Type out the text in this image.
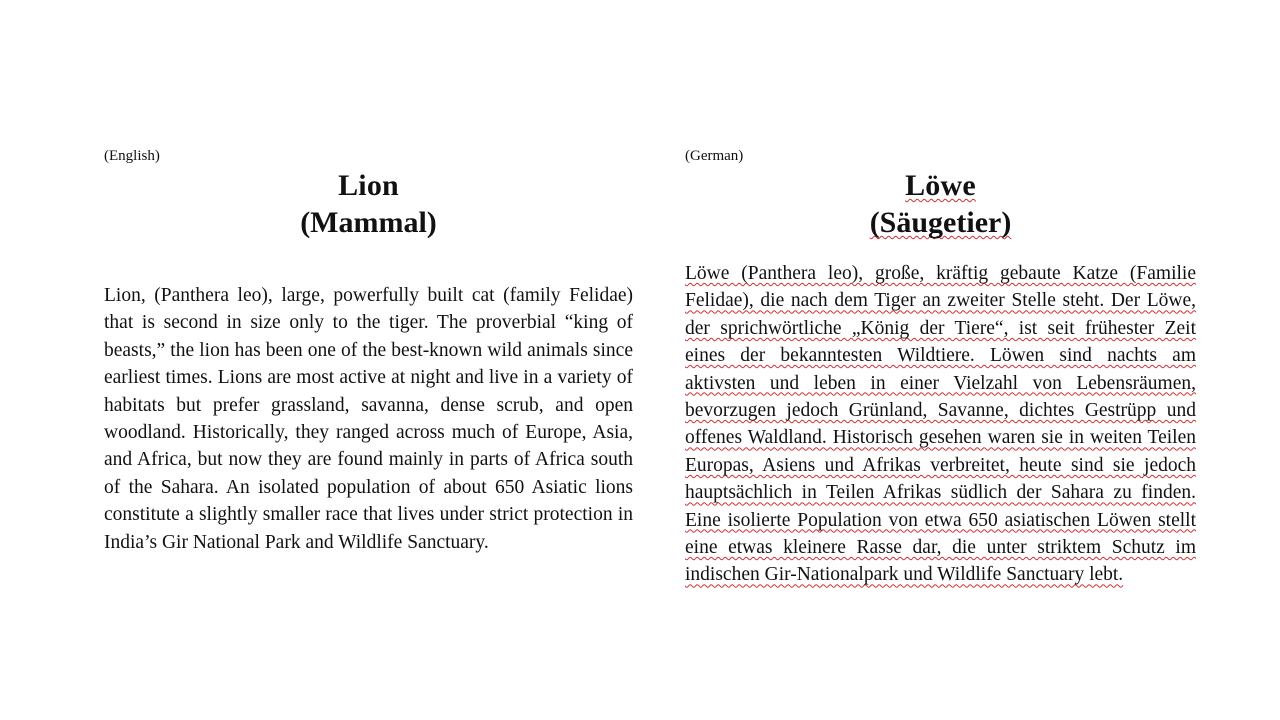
(English)

Lion
(Mammal)

Lion, (Panthera leo), large, powerfully built cat (family Felidae) that is second in size only to the tiger. The proverbial “king of beasts,” the lion has been one of the best-known wild animals since earliest times. Lions are most active at night and live in a variety of habitats but prefer grassland, savanna, dense scrub, and open woodland. Historically, they ranged across much of Europe, Asia, and Africa, but now they are found mainly in parts of Africa south of the Sahara. An isolated population of about 650 Asiatic lions constitute a slightly smaller race that lives under strict protection in India’s Gir National Park and Wildlife Sanctuary.

(German)

Löwe
(Säugetier)

Löwe (Panthera leo), große, kräftig gebaute Katze (Familie Felidae), die nach dem Tiger an zweiter Stelle steht. Der Löwe, der sprichwörtliche „König der Tiere“, ist seit frühester Zeit eines der bekanntesten Wildtiere. Löwen sind nachts am aktivsten und leben in einer Vielzahl von Lebensräumen, bevorzugen jedoch Grünland, Savanne, dichtes Gestrüpp und offenes Waldland. Historisch gesehen waren sie in weiten Teilen Europas, Asiens und Afrikas verbreitet, heute sind sie jedoch hauptsächlich in Teilen Afrikas südlich der Sahara zu finden. Eine isolierte Population von etwa 650 asiatischen Löwen stellt eine etwas kleinere Rasse dar, die unter striktem Schutz im indischen Gir-Nationalpark und Wildlife Sanctuary lebt.
